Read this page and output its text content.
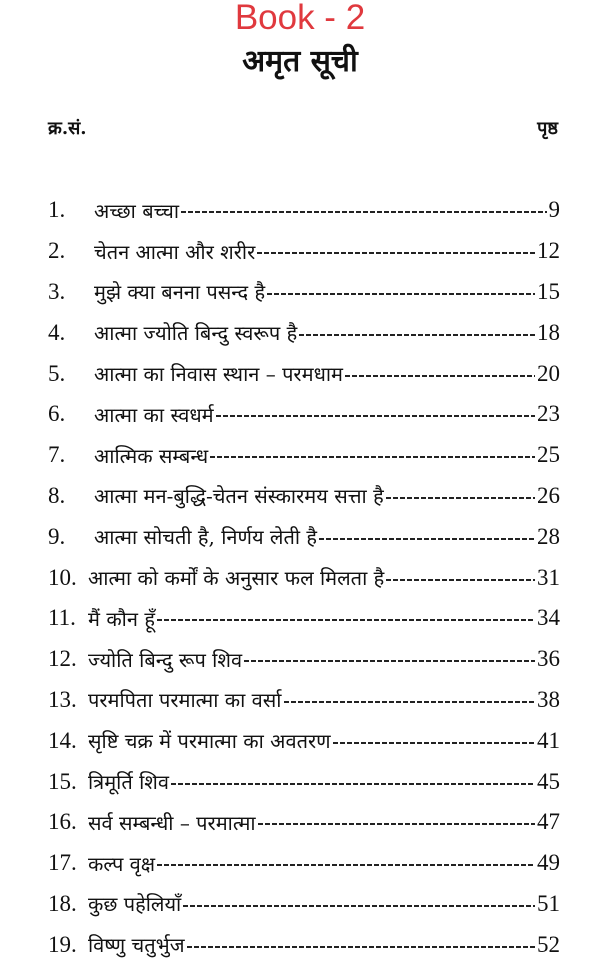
Book - 2
अमृत सूची
क्र.सं.	पृष्ठ
1.	अच्छा बच्चा	9
2.	चेतन आत्मा और शरीर	12
3.	मुझे क्या बनना पसन्द है	15
4.	आत्मा ज्योति बिन्दु स्वरूप है	18
5.	आत्मा का निवास स्थान – परमधाम	20
6.	आत्मा का स्वधर्म	23
7.	आत्मिक सम्बन्ध	25
8.	आत्मा मन-बुद्धि-चेतन संस्कारमय सत्ता है	26
9.	आत्मा सोचती है, निर्णय लेती है	28
10. आत्मा को कर्मों के अनुसार फल मिलता है	31
11. मैं कौन हूँ	34
12. ज्योति बिन्दु रूप शिव	36
13. परमपिता परमात्मा का वर्सा	38
14. सृष्टि चक्र में परमात्मा का अवतरण	41
15. त्रिमूर्ति शिव	45
16. सर्व सम्बन्धी – परमात्मा	47
17. कल्प वृक्ष	49
18. कुछ पहेलियाँ	51
19. विष्णु चतुर्भुज	52
